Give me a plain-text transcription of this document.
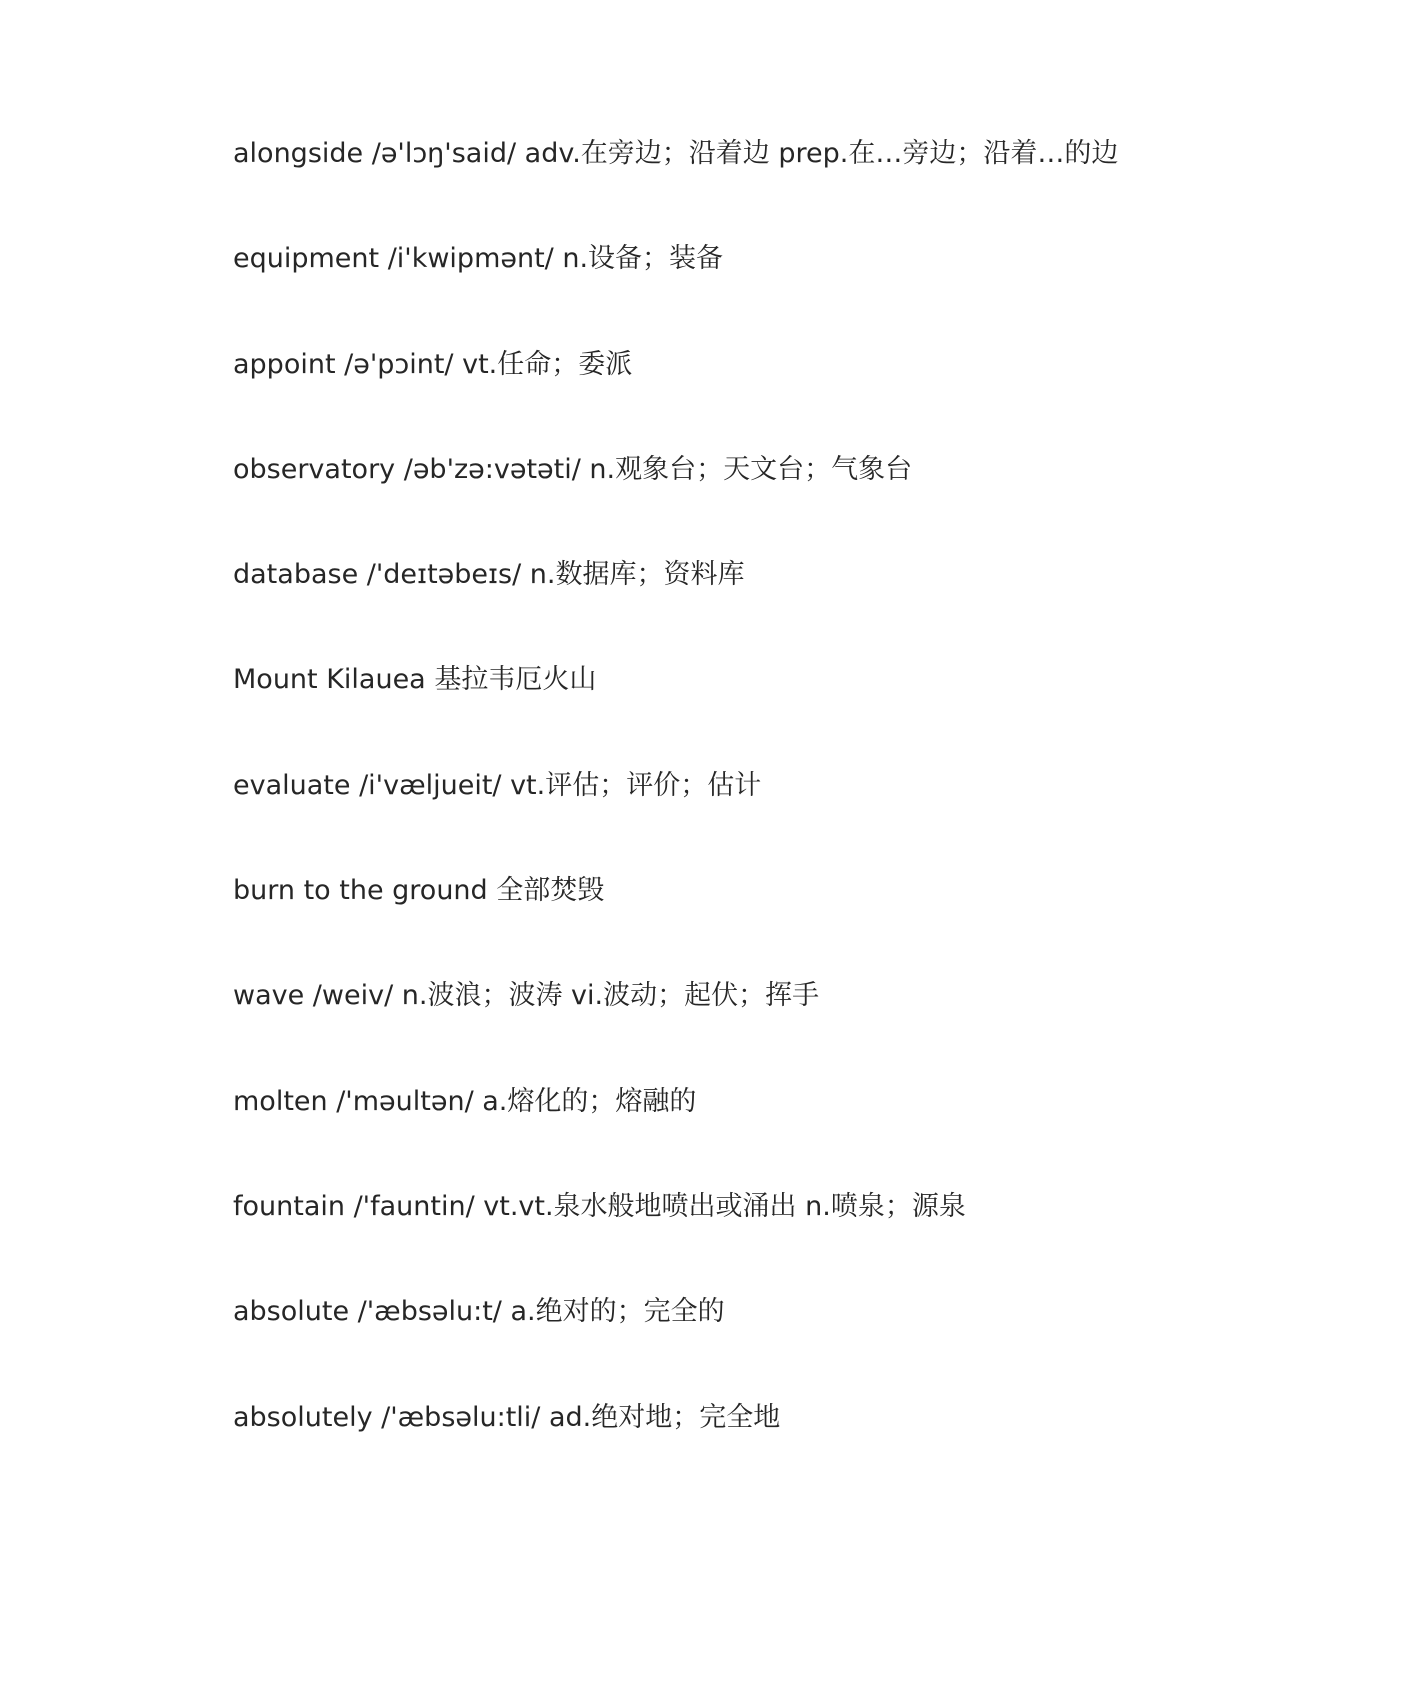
alongside /ə'lɔŋ'said/ adv.在旁边；沿着边 prep.在…旁边；沿着…的边
equipment /i'kwipmənt/ n.设备；装备
appoint /ə'pɔint/ vt.任命；委派
observatory /əb'zə:vətəti/ n.观象台；天文台；气象台
database /'deɪtəbeɪs/ n.数据库；资料库
Mount Kilauea 基拉韦厄火山
evaluate /i'væljueit/ vt.评估；评价；估计
burn to the ground 全部焚毁
wave /weiv/ n.波浪；波涛 vi.波动；起伏；挥手
molten /'məultən/ a.熔化的；熔融的
fountain /'fauntin/ vt.vt.泉水般地喷出或涌出 n.喷泉；源泉
absolute /'æbsəlu:t/ a.绝对的；完全的
absolutely /'æbsəlu:tli/ ad.绝对地；完全地
